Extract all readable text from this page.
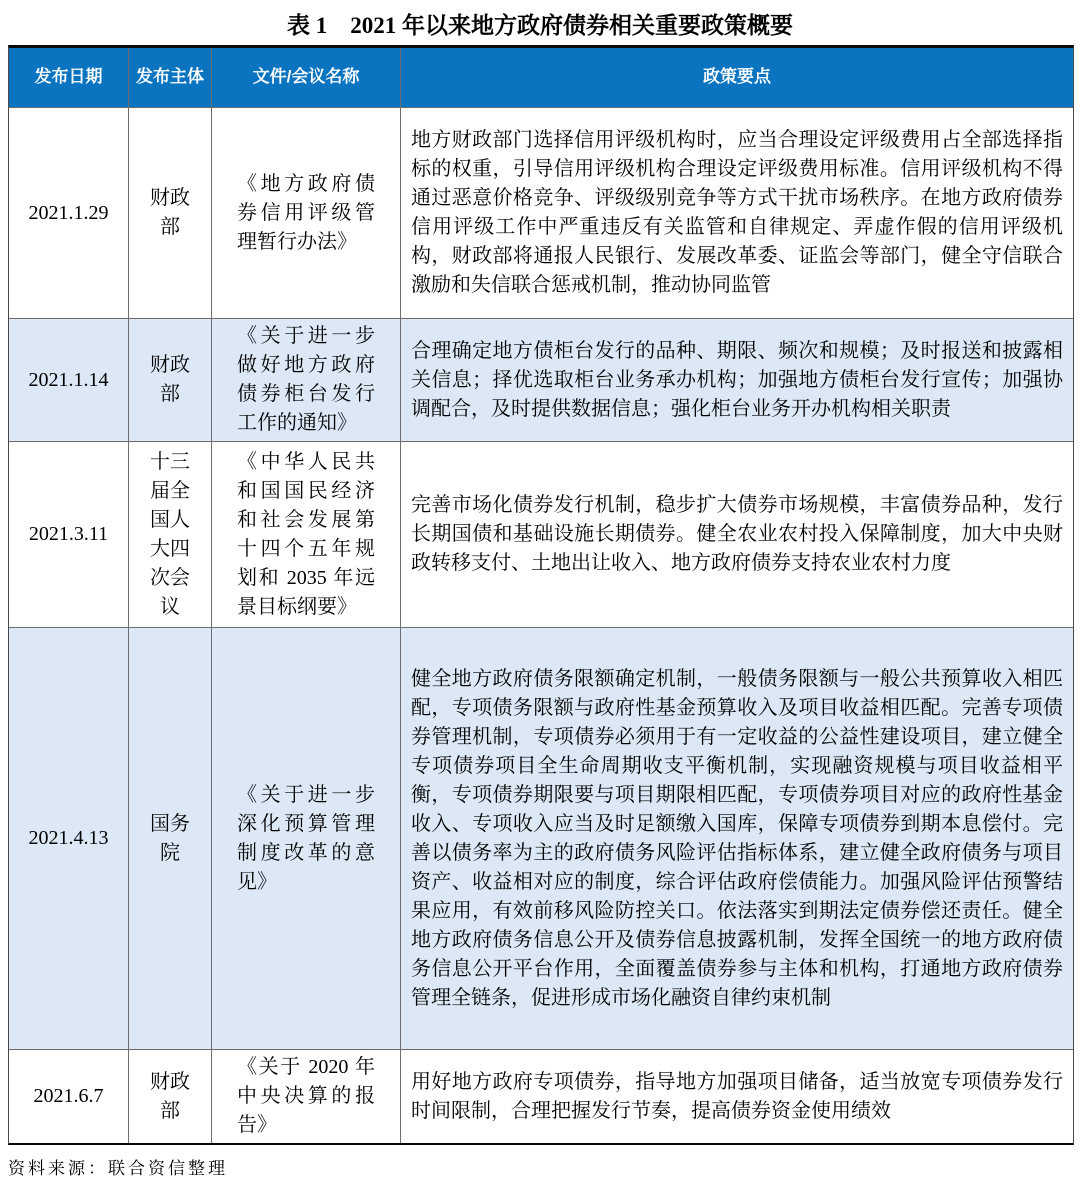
表 1　2021 年以来地方政府债券相关重要政策概要
发布日期	发布主体	文件/会议名称	政策要点
2021.1.29	财政部	《地方政府债券信用评级管理暂行办法》	地方财政部门选择信用评级机构时，应当合理设定评级费用占全部选择指标的权重，引导信用评级机构合理设定评级费用标准。信用评级机构不得通过恶意价格竞争、评级级别竞争等方式干扰市场秩序。在地方政府债券信用评级工作中严重违反有关监管和自律规定、弄虚作假的信用评级机构，财政部将通报人民银行、发展改革委、证监会等部门，健全守信联合激励和失信联合惩戒机制，推动协同监管
2021.1.14	财政部	《关于进一步做好地方政府债券柜台发行工作的通知》	合理确定地方债柜台发行的品种、期限、频次和规模；及时报送和披露相关信息；择优选取柜台业务承办机构；加强地方债柜台发行宣传；加强协调配合，及时提供数据信息；强化柜台业务开办机构相关职责
2021.3.11	十三届全国人大四次会议	《中华人民共和国国民经济和社会发展第十四个五年规划和 2035 年远景目标纲要》	完善市场化债券发行机制，稳步扩大债券市场规模，丰富债券品种，发行长期国债和基础设施长期债券。健全农业农村投入保障制度，加大中央财政转移支付、土地出让收入、地方政府债券支持农业农村力度
2021.4.13	国务院	《关于进一步深化预算管理制度改革的意见》	健全地方政府债务限额确定机制，一般债务限额与一般公共预算收入相匹配，专项债务限额与政府性基金预算收入及项目收益相匹配。完善专项债券管理机制，专项债券必须用于有一定收益的公益性建设项目，建立健全专项债券项目全生命周期收支平衡机制，实现融资规模与项目收益相平衡，专项债券期限要与项目期限相匹配，专项债券项目对应的政府性基金收入、专项收入应当及时足额缴入国库，保障专项债券到期本息偿付。完善以债务率为主的政府债务风险评估指标体系，建立健全政府债务与项目资产、收益相对应的制度，综合评估政府偿债能力。加强风险评估预警结果应用，有效前移风险防控关口。依法落实到期法定债券偿还责任。健全地方政府债务信息公开及债券信息披露机制，发挥全国统一的地方政府债务信息公开平台作用，全面覆盖债券参与主体和机构，打通地方政府债券管理全链条，促进形成市场化融资自律约束机制
2021.6.7	财政部	《关于 2020 年中央决算的报告》	用好地方政府专项债券，指导地方加强项目储备，适当放宽专项债券发行时间限制，合理把握发行节奏，提高债券资金使用绩效
资料来源：联合资信整理
